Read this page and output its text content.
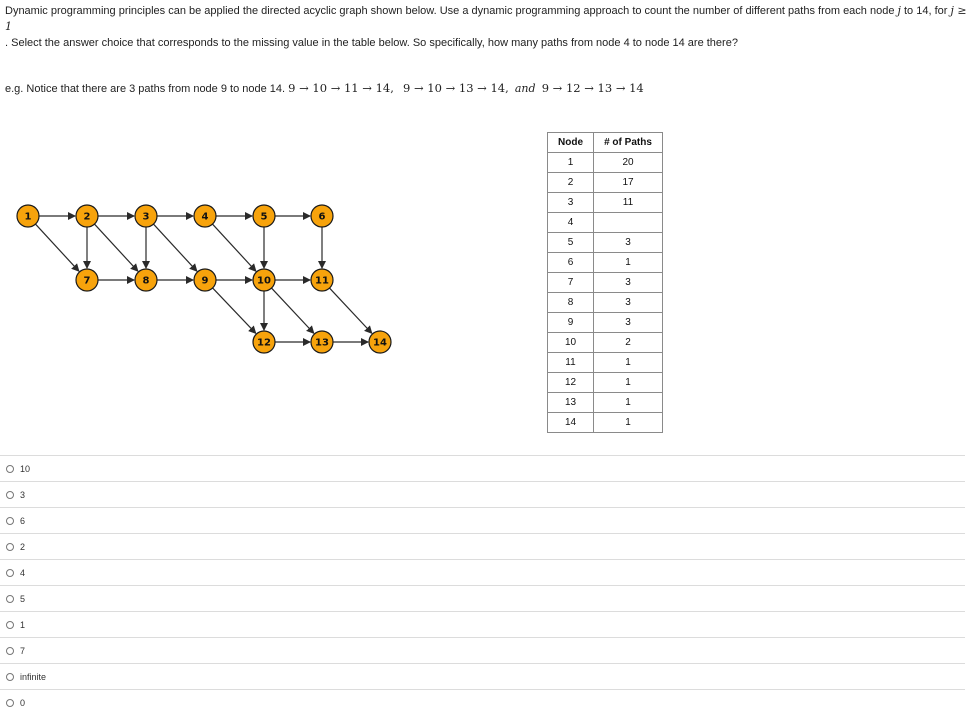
Dynamic programming principles can be applied the directed acyclic graph shown below. Use a dynamic programming approach to count the number of different paths from each node j to 14, for j ≥ 1
. Select the answer choice that corresponds to the missing value in the table below. So specifically, how many paths from node 4 to node 14 are there?
e.g. Notice that there are 3 paths from node 9 to node 14. 9 → 10 → 11 → 14, 9 → 10 → 13 → 14, and 9 → 12 → 13 → 14
1	2	3	4	5	6
7	8	9	10	11
12	13	14
Node	# of Paths
1	20
2	17
3	11
4	
5	3
6	1
7	3
8	3
9	3
10	2
11	1
12	1
13	1
14	1
10
3
6
2
4
5
1
7
infinite
0
